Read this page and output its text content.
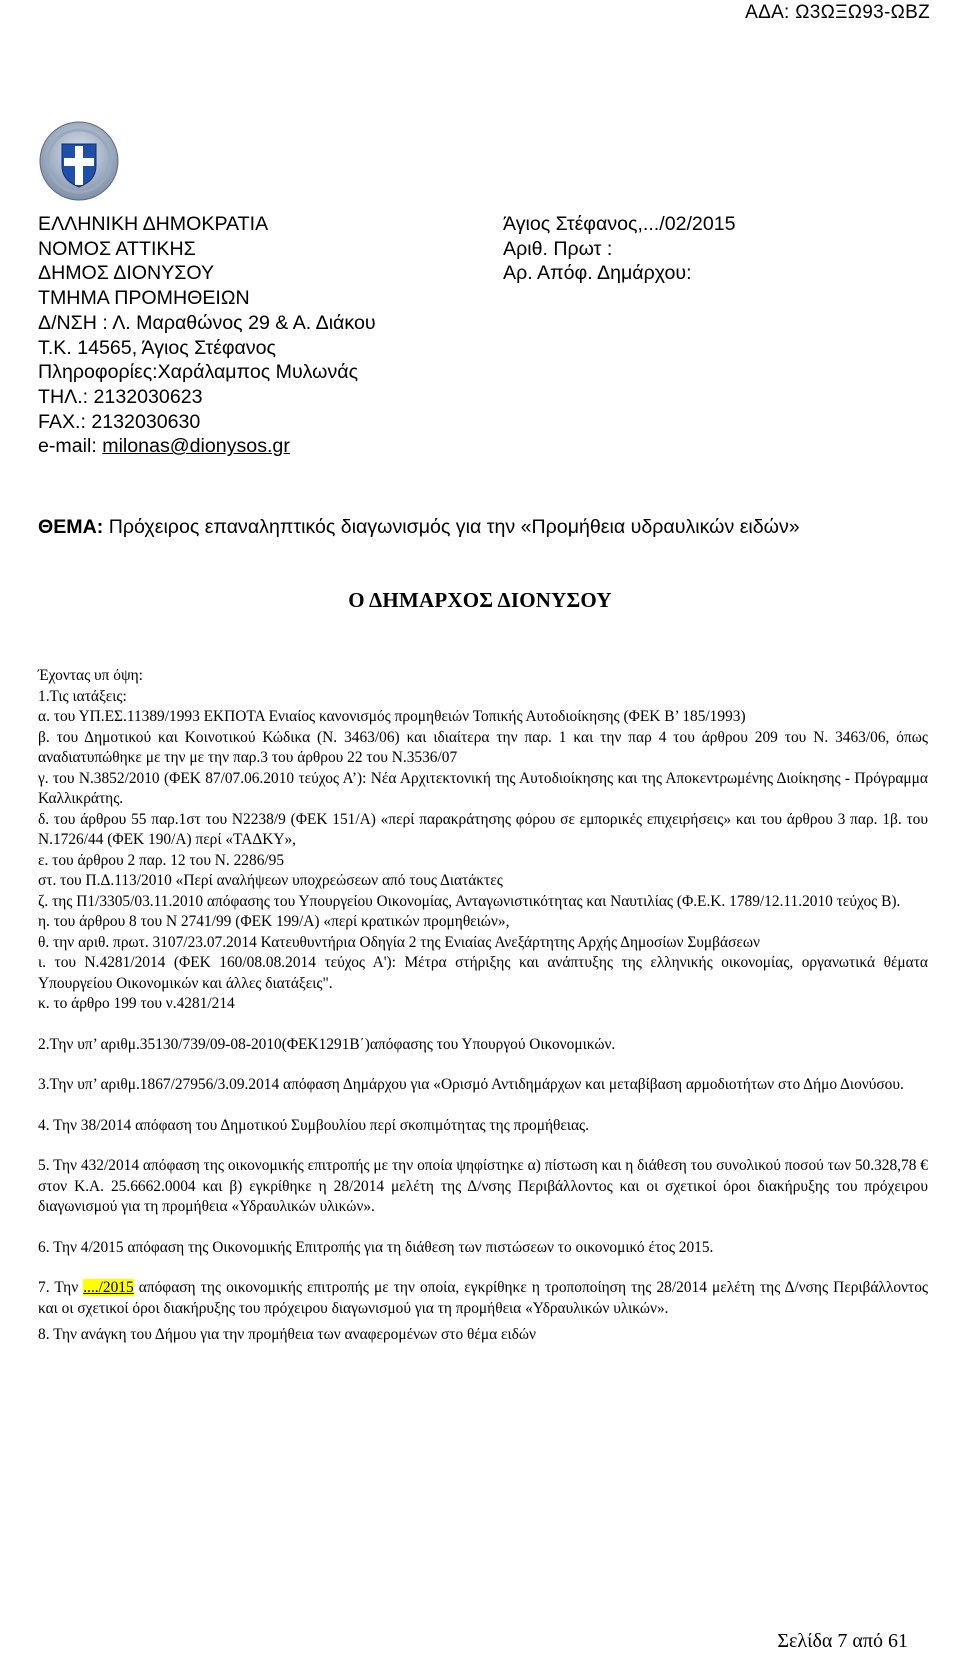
ΑΔΑ: Ω3ΩΞΩ93-ΩΒΖ
ΕΛΛΗΝΙΚΗ ΔΗΜΟΚΡΑΤΙΑ
ΝΟΜΟΣ ΑΤΤΙΚΗΣ
ΔΗΜΟΣ ΔΙΟΝΥΣΟΥ
ΤΜΗΜΑ ΠΡΟΜΗΘΕΙΩΝ
Δ/ΝΣΗ : Λ. Μαραθώνος 29 & Α. Διάκου
Τ.Κ. 14565, Άγιος Στέφανος
Πληροφορίες:Χαράλαμπος Μυλωνάς
ΤΗΛ.: 2132030623
FAX.: 2132030630
e-mail: milonas@dionysos.gr
Άγιος Στέφανος,.../02/2015
Αριθ. Πρωτ :
Αρ. Απόφ. Δημάρχου:
ΘΕΜΑ: Πρόχειρος επαναληπτικός διαγωνισμός για την «Προμήθεια υδραυλικών ειδών»
Ο ΔΗΜΑΡΧΟΣ ΔΙΟΝΥΣΟΥ

Έχοντας υπ όψη:

1.Τις ιατάξεις:

α. του ΥΠ.ΕΣ.11389/1993 ΕΚΠΟΤΑ Ενιαίος κανονισμός προμηθειών Τοπικής Αυτοδιοίκησης (ΦΕΚ Β’ 185/1993)

β. του Δημοτικού και Κοινοτικού Κώδικα (Ν. 3463/06) και ιδιαίτερα την παρ. 1 και την παρ 4 του άρθρου 209 του Ν. 3463/06, όπως αναδιατυπώθηκε με την με την παρ.3 του άρθρου 22 του Ν.3536/07

γ. του Ν.3852/2010 (ΦΕΚ 87/07.06.2010 τεύχος Α’): Νέα Αρχιτεκτονική της Αυτοδιοίκησης και της Αποκεντρωμένης Διοίκησης - Πρόγραμμα Καλλικράτης.

δ. του άρθρου 55 παρ.1στ του Ν2238/9 (ΦΕΚ 151/Α) «περί παρακράτησης φόρου σε εμπορικές επιχειρήσεις» και του άρθρου 3 παρ. 1β. του Ν.1726/44 (ΦΕΚ 190/Α) περί «ΤΑΔΚΥ»,

ε. του άρθρου 2 παρ. 12 του Ν. 2286/95

στ. του Π.Δ.113/2010 «Περί αναλήψεων υποχρεώσεων από τους Διατάκτες

ζ. της Π1/3305/03.11.2010 απόφασης του Υπουργείου Οικονομίας, Ανταγωνιστικότητας και Ναυτιλίας (Φ.Ε.Κ. 1789/12.11.2010 τεύχος Β).

η. του άρθρου 8 του Ν 2741/99 (ΦΕΚ 199/Α) «περί κρατικών προμηθειών»,

θ. την αριθ. πρωτ. 3107/23.07.2014 Κατευθυντήρια Οδηγία 2 της Ενιαίας Ανεξάρτητης Αρχής Δημοσίων Συμβάσεων

ι. του Ν.4281/2014 (ΦΕΚ 160/08.08.2014 τεύχος Α'): Μέτρα στήριξης και ανάπτυξης της ελληνικής οικονομίας, οργανωτικά θέματα Υπουργείου Οικονομικών και άλλες διατάξεις".

κ. το άρθρο 199 του ν.4281/214

2.Την υπ’ αριθμ.35130/739/09-08-2010(ΦΕΚ1291Β΄)απόφασης του Υπουργού Οικονομικών.

3.Την υπ’ αριθμ.1867/27956/3.09.2014 απόφαση Δημάρχου για «Ορισμό Αντιδημάρχων και μεταβίβαση αρμοδιοτήτων στο Δήμο Διονύσου.

4. Την 38/2014 απόφαση του Δημοτικού Συμβουλίου περί σκοπιμότητας της προμήθειας.

5. Την 432/2014 απόφαση της οικονομικής επιτροπής με την οποία ψηφίστηκε α) πίστωση και η διάθεση του συνολικού ποσού των 50.328,78 € στον Κ.Α. 25.6662.0004 και β) εγκρίθηκε η 28/2014 μελέτη της Δ/νσης Περιβάλλοντος και οι σχετικοί όροι διακήρυξης του πρόχειρου διαγωνισμού για τη προμήθεια «Υδραυλικών υλικών».

6. Την 4/2015 απόφαση της Οικονομικής Επιτροπής για τη διάθεση των πιστώσεων το οικονομικό έτος 2015.

7. Την ..../2015 απόφαση της οικονομικής επιτροπής με την οποία, εγκρίθηκε η τροποποίηση της 28/2014 μελέτη της Δ/νσης Περιβάλλοντος και οι σχετικοί όροι διακήρυξης του πρόχειρου διαγωνισμού για τη προμήθεια «Υδραυλικών υλικών».

8. Την ανάγκη του Δήμου για την προμήθεια των αναφερομένων στο θέμα ειδών

Σελίδα 7 από 61
